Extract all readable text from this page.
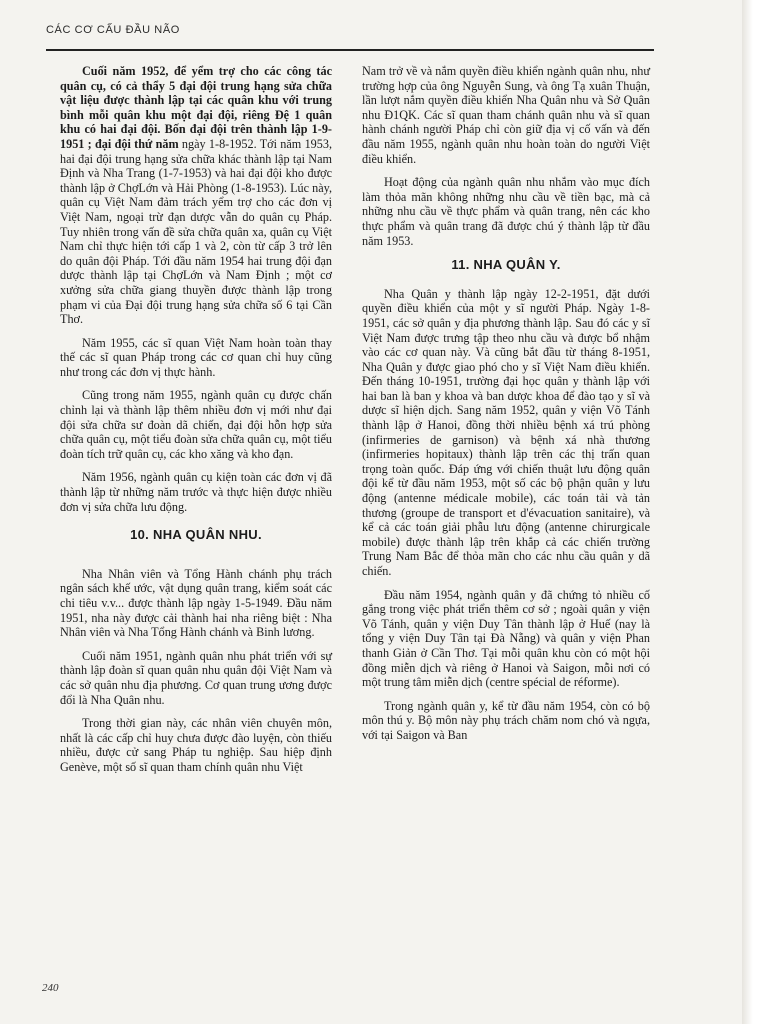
CÁC CƠ CẤU ĐẦU NÃO

Cuối năm 1952, để yểm trợ cho các công tác quân cụ, có cả thẩy 5 đại đội trung hạng sửa chữa vật liệu được thành lập tại các quân khu với trung bình mỗi quân khu một đại đội, riêng Đệ 1 quân khu có hai đại đội. Bốn đại đội trên thành lập 1-9-1951 ; đại đội thứ năm ngày 1-8-1952. Tới năm 1953, hai đại đội trung hạng sửa chữa khác thành lập tại Nam Định và Nha Trang (1-7-1953) và hai đại đội kho được thành lập ở ChợLớn và Hải Phòng (1-8-1953). Lúc này, quân cụ Việt Nam đảm trách yểm trợ cho các đơn vị Việt Nam, ngoại trừ đạn dược vẫn do quân cụ Pháp. Tuy nhiên trong vấn đề sửa chữa quân xa, quân cụ Việt Nam chỉ thực hiện tới cấp 1 và 2, còn từ cấp 3 trở lên do quân đội Pháp. Tới đầu năm 1954 hai trung đội đạn dược thành lập tại ChợLớn và Nam Định ; một cơ xưởng sửa chữa giang thuyền được thành lập trong phạm vi của Đại đội trung hạng sửa chữa số 6 tại Cần Thơ.

Năm 1955, các sĩ quan Việt Nam hoàn toàn thay thế các sĩ quan Pháp trong các cơ quan chỉ huy cũng như trong các đơn vị thực hành.

Cũng trong năm 1955, ngành quân cụ được chấn chỉnh lại và thành lập thêm nhiều đơn vị mới như đại đội sửa chữa sư đoàn dã chiến, đại đội hỗn hợp sửa chữa quân cụ, một tiểu đoàn sửa chữa quân cụ, một tiểu đoàn tích trữ quân cụ, các kho xăng và kho đạn.

Năm 1956, ngành quân cụ kiện toàn các đơn vị đã thành lập từ những năm trước và thực hiện được nhiều đơn vị sửa chữa lưu động.

10. NHA QUÂN NHU.

Nha Nhân viên và Tổng Hành chánh phụ trách ngân sách khế ước, vật dụng quân trang, kiểm soát các chi tiêu v.v... được thành lập ngày 1-5-1949. Đầu năm 1951, nha này được cải thành hai nha riêng biệt : Nha Nhân viên và Nha Tổng Hành chánh và Binh lương.

Cuối năm 1951, ngành quân nhu phát triển với sự thành lập đoàn sĩ quan quân nhu quân đội Việt Nam và các sở quân nhu địa phương. Cơ quan trung ương được đổi là Nha Quân nhu.

Trong thời gian này, các nhân viên chuyên môn, nhất là các cấp chỉ huy chưa được đào luyện, còn thiếu nhiều, được cử sang Pháp tu nghiệp. Sau hiệp định Genève, một số sĩ quan tham chính quân nhu Việt

Nam trở về và nắm quyền điều khiển ngành quân nhu, như trường hợp của ông Nguyễn Sung, và ông Tạ xuân Thuận, lần lượt nắm quyền điều khiển Nha Quân nhu và Sở Quân nhu Đ1QK. Các sĩ quan tham chánh quân nhu và sĩ quan hành chánh người Pháp chỉ còn giữ địa vị cố vấn và đến đầu năm 1955, ngành quân nhu hoàn toàn do người Việt điều khiển.

Hoạt động của ngành quân nhu nhắm vào mục đích làm thỏa mãn không những nhu cầu về tiền bạc, mà cả những nhu cầu về thực phẩm và quân trang, nên các kho thực phẩm và quân trang đã được chú ý thành lập từ đầu năm 1953.

11. NHA QUÂN Y.

Nha Quân y thành lập ngày 12-2-1951, đặt dưới quyền điều khiển của một y sĩ người Pháp. Ngày 1-8-1951, các sở quân y địa phương thành lập. Sau đó các y sĩ Việt Nam được trưng tập theo nhu cầu và được bổ nhậm vào các cơ quan này. Và cũng bắt đầu từ tháng 8-1951, Nha Quân y được giao phó cho y sĩ Việt Nam điều khiển. Đến tháng 10-1951, trường đại học quân y thành lập với hai ban là ban y khoa và ban dược khoa để đào tạo y sĩ và dược sĩ hiện dịch. Sang năm 1952, quân y viện Võ Tánh thành lập ở Hanoi, đồng thời nhiều bệnh xá trú phòng (infirmeries de garnison) và bệnh xá nhà thương (infirmeries hopitaux) thành lập trên các thị trấn quan trọng toàn quốc. Đáp ứng với chiến thuật lưu động quân đội kể từ đầu năm 1953, một số các bộ phận quân y lưu động (antenne médicale mobile), các toán tải và tản thương (groupe de transport et d'évacuation sanitaire), và kể cả các toán giải phẫu lưu động (antenne chirurgicale mobile) được thành lập trên khắp cả các chiến trường Trung Nam Bắc để thỏa mãn cho các nhu cầu quân y dã chiến.

Đầu năm 1954, ngành quân y đã chứng tỏ nhiều cố gắng trong việc phát triển thêm cơ sở ; ngoài quân y viện Võ Tánh, quân y viện Duy Tân thành lập ở Huế (nay là tổng y viện Duy Tân tại Đà Nẵng) và quân y viện Phan thanh Giản ở Cần Thơ. Tại mỗi quân khu còn có một hội đồng miễn dịch và riêng ở Hanoi và Saigon, mỗi nơi có một trung tâm miễn dịch (centre spécial de réforme).

Trong ngành quân y, kể từ đầu năm 1954, còn có bộ môn thú y. Bộ môn này phụ trách chăm nom chó và ngựa, với tại Saigon và Ban

240
